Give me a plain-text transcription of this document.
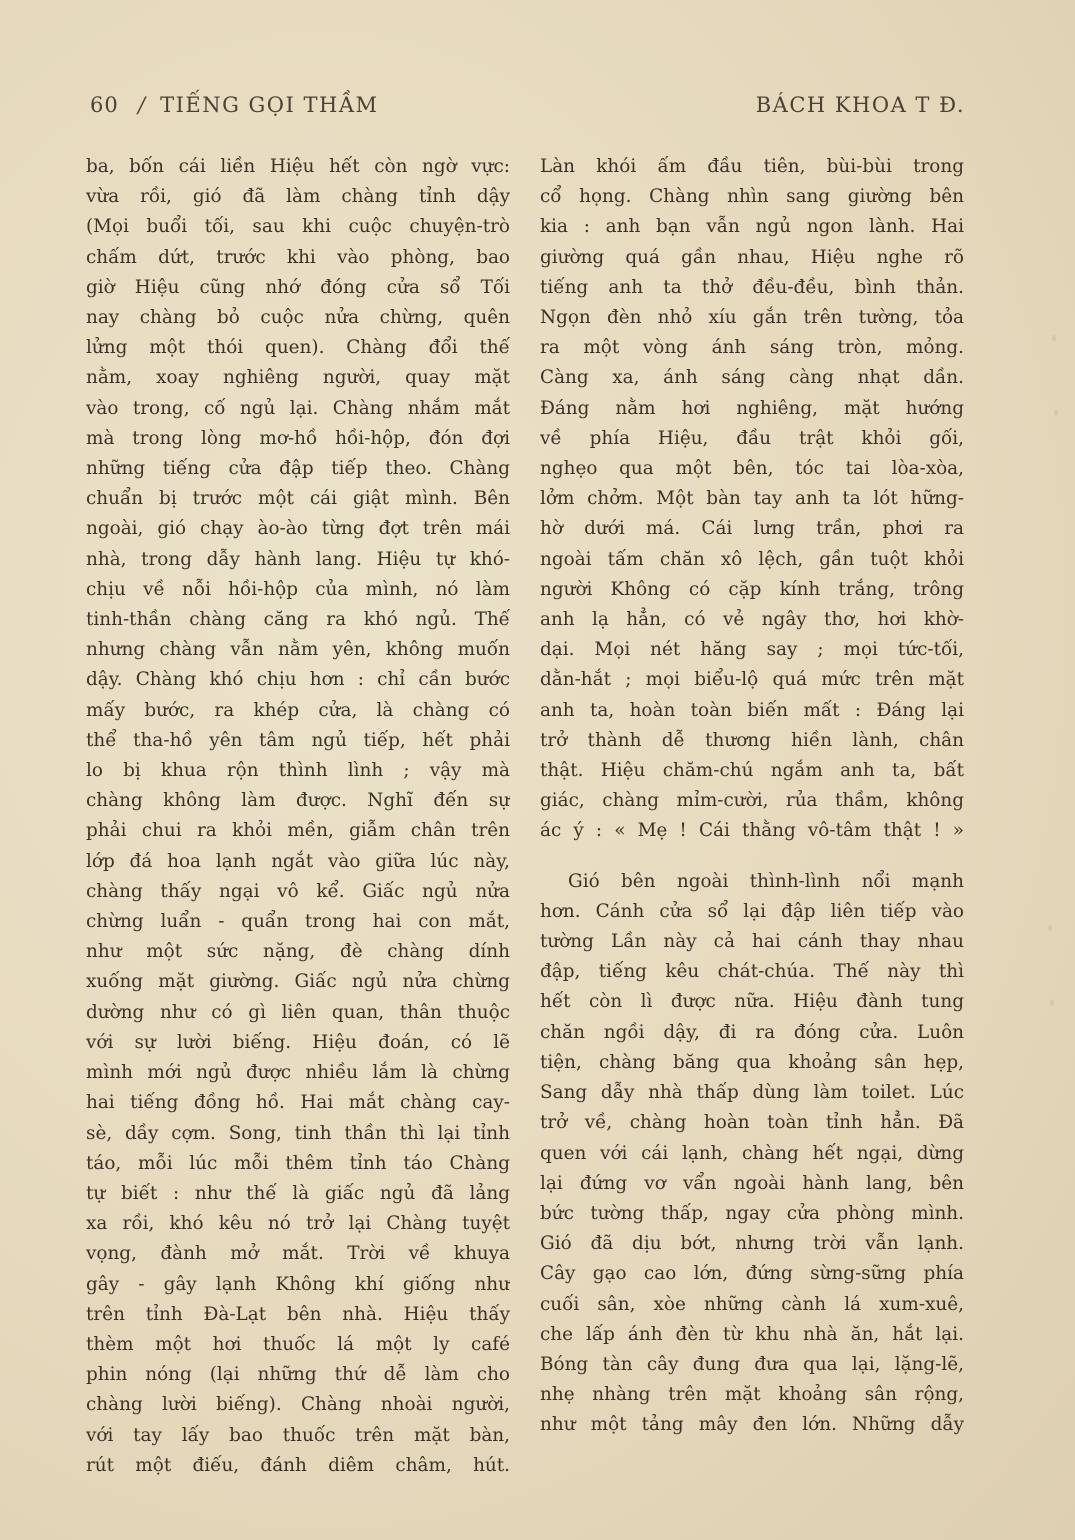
60 / TIẾNG GỌI THẦM	BÁCH KHOA T Đ.
ba, bốn cái liền Hiệu hết còn ngờ vực:
vừa rồi, gió đã làm chàng tỉnh dậy
(Mọi buổi tối, sau khi cuộc chuyện-trò
chấm dứt, trước khi vào phòng, bao
giờ Hiệu cũng nhớ đóng cửa sổ Tối
nay chàng bỏ cuộc nửa chừng, quên
lửng một thói quen). Chàng đổi thế
nằm, xoay nghiêng người, quay mặt
vào trong, cố ngủ lại. Chàng nhắm mắt
mà trong lòng mơ-hồ hồi-hộp, đón đợi
những tiếng cửa đập tiếp theo. Chàng
chuẩn bị trước một cái giật mình. Bên
ngoài, gió chạy ào-ào từng đợt trên mái
nhà, trong dẫy hành lang. Hiệu tự khó-
chịu về nỗi hồi-hộp của mình, nó làm
tinh-thần chàng căng ra khó ngủ. Thế
nhưng chàng vẫn nằm yên, không muốn
dậy. Chàng khó chịu hơn : chỉ cần bước
mấy bước, ra khép cửa, là chàng có
thể tha-hồ yên tâm ngủ tiếp, hết phải
lo bị khua rộn thình lình ; vậy mà
chàng không làm được. Nghĩ đến sự
phải chui ra khỏi mền, giẫm chân trên
lớp đá hoa lạnh ngắt vào giữa lúc này,
chàng thấy ngại vô kể. Giấc ngủ nửa
chừng luẩn - quẩn trong hai con mắt,
như một sức nặng, đè chàng dính
xuống mặt giường. Giấc ngủ nửa chừng
dường như có gì liên quan, thân thuộc
với sự lười biếng. Hiệu đoán, có lẽ
mình mới ngủ được nhiều lắm là chừng
hai tiếng đồng hồ. Hai mắt chàng cay-
sè, dầy cợm. Song, tinh thần thì lại tỉnh
táo, mỗi lúc mỗi thêm tỉnh táo Chàng
tự biết : như thế là giấc ngủ đã lảng
xa rồi, khó kêu nó trở lại Chàng tuyệt
vọng, đành mở mắt. Trời về khuya
gây - gây lạnh Không khí giống như
trên tỉnh Đà-Lạt bên nhà. Hiệu thấy
thèm một hơi thuốc lá một ly café
phin nóng (lại những thứ dễ làm cho
chàng lười biếng). Chàng nhoài người,
với tay lấy bao thuốc trên mặt bàn,
rút một điếu, đánh diêm châm, hút.

Làn khói ấm đầu tiên, bùi-bùi trong
cổ họng. Chàng nhìn sang giường bên
kia : anh bạn vẫn ngủ ngon lành. Hai
giường quá gần nhau, Hiệu nghe rõ
tiếng anh ta thở đều-đều, bình thản.
Ngọn đèn nhỏ xíu gắn trên tường, tỏa
ra một vòng ánh sáng tròn, mỏng.
Càng xa, ánh sáng càng nhạt dần.
Đáng nằm hơi nghiêng, mặt hướng
về phía Hiệu, đầu trật khỏi gối,
nghẹo qua một bên, tóc tai lòa-xòa,
lởm chởm. Một bàn tay anh ta lót hững-
hờ dưới má. Cái lưng trần, phơi ra
ngoài tấm chăn xô lệch, gần tuột khỏi
người Không có cặp kính trắng, trông
anh lạ hẳn, có vẻ ngây thơ, hơi khờ-
dại. Mọi nét hăng say ; mọi tức-tối,
dằn-hắt ; mọi biểu-lộ quá mức trên mặt
anh ta, hoàn toàn biến mất : Đáng lại
trở thành dễ thương hiền lành, chân
thật. Hiệu chăm-chú ngắm anh ta, bất
giác, chàng mỉm-cười, rủa thầm, không
ác ý : « Mẹ ! Cái thằng vô-tâm thật ! »

Gió bên ngoài thình-lình nổi mạnh
hơn. Cánh cửa sổ lại đập liên tiếp vào
tường Lần này cả hai cánh thay nhau
đập, tiếng kêu chát-chúa. Thế này thì
hết còn lì được nữa. Hiệu đành tung
chăn ngồi dậy, đi ra đóng cửa. Luôn
tiện, chàng băng qua khoảng sân hẹp,
Sang dẫy nhà thấp dùng làm toilet. Lúc
trở về, chàng hoàn toàn tỉnh hẳn. Đã
quen với cái lạnh, chàng hết ngại, dừng
lại đứng vơ vẩn ngoài hành lang, bên
bức tường thấp, ngay cửa phòng mình.
Gió đã dịu bớt, nhưng trời vẫn lạnh.
Cây gạo cao lớn, đứng sừng-sững phía
cuối sân, xòe những cành lá xum-xuê,
che lấp ánh đèn từ khu nhà ăn, hắt lại.
Bóng tàn cây đung đưa qua lại, lặng-lẽ,
nhẹ nhàng trên mặt khoảng sân rộng,
như một tảng mây đen lớn. Những dẫy
